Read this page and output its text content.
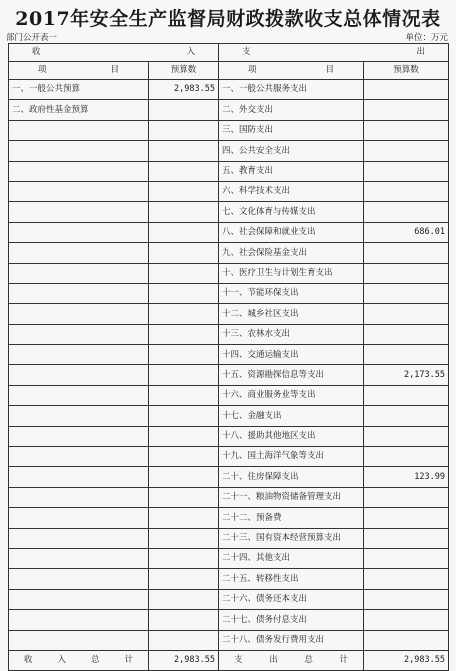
2017年安全生产监督局财政拨款收支总体情况表
部门公开表一	单位：万元
收 入		支 出	

项 目	预算数	项 目	预算数
一、一般公共预算	2,983.55	一、一般公共服务支出	
二、政府性基金预算		二、外交支出	
		三、国防支出	
		四、公共安全支出	
		五、教育支出	
		六、科学技术支出	
		七、文化体育与传媒支出	
		八、社会保障和就业支出	686.01
		九、社会保险基金支出	
		十、医疗卫生与计划生育支出	
		十一、节能环保支出	
		十二、城乡社区支出	
		十三、农林水支出	
		十四、交通运输支出	
		十五、资源勘探信息等支出	2,173.55
		十六、商业服务业等支出	
		十七、金融支出	
		十八、援助其他地区支出	
		十九、国土海洋气象等支出	
		二十、住房保障支出	123.99
		二十一、粮油物资储备管理支出	
		二十二、预备费	
		二十三、国有资本经营预算支出	
		二十四、其他支出	
		二十五、转移性支出	
		二十六、债务还本支出	
		二十七、债务付息支出	
		二十八、债务发行费用支出	

收 入 总 计	2,983.55	支 出 总 计	2,983.55
